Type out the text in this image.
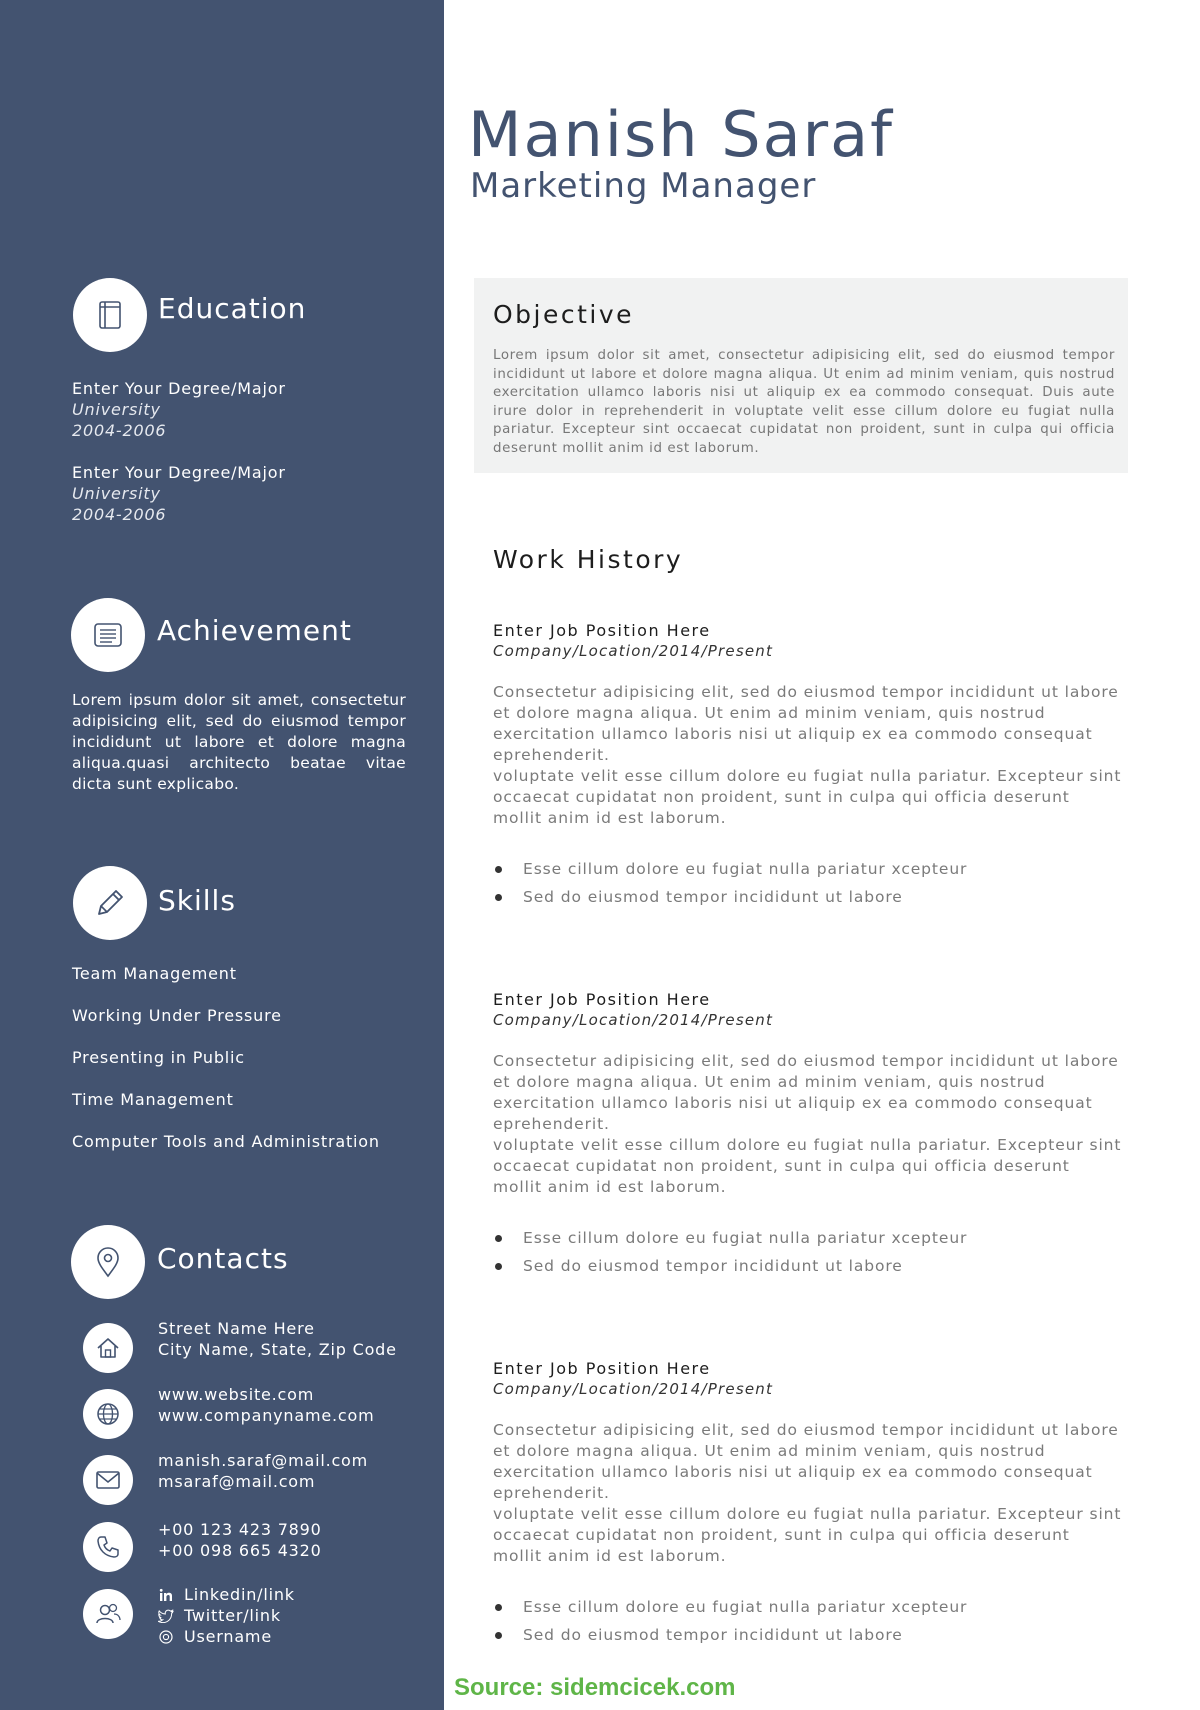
Education
Enter Your Degree/Major
University
2004-2006
Enter Your Degree/Major
University
2004-2006
Achievement
Lorem ipsum dolor sit amet, consectetur adipisicing elit, sed do eiusmod tempor incididunt ut labore et dolore magna aliqua.quasi architecto beatae vitae dicta sunt explicabo.
Skills
Team Management
Working Under Pressure
Presenting in Public
Time Management
Computer Tools and Administration
Contacts
Street Name Here
City Name, State, Zip Code
www.website.com
www.companyname.com
manish.saraf@mail.com
msaraf@mail.com
+00 123 423 7890
+00 098 665 4320
Linkedin/link
Twitter/link
Username
Manish Saraf
Marketing Manager
Objective
Lorem ipsum dolor sit amet, consectetur adipisicing elit, sed do eiusmod tempor incididunt ut labore et dolore magna aliqua. Ut enim ad minim veniam, quis nostrud exercitation ullamco laboris nisi ut aliquip ex ea commodo consequat. Duis aute irure dolor in reprehenderit in voluptate velit esse cillum dolore eu fugiat nulla pariatur. Excepteur sint occaecat cupidatat non proident, sunt in culpa qui officia deserunt mollit anim id est laborum.
Work History
Enter Job Position Here
Company/Location/2014/Present
Consectetur adipisicing elit, sed do eiusmod tempor incididunt ut labore et dolore magna aliqua. Ut enim ad minim veniam, quis nostrud exercitation ullamco laboris nisi ut aliquip ex ea commodo consequat eprehenderit.
voluptate velit esse cillum dolore eu fugiat nulla pariatur. Excepteur sint occaecat cupidatat non proident, sunt in culpa qui officia deserunt mollit anim id est laborum.
Esse cillum dolore eu fugiat nulla pariatur xcepteur
Sed do eiusmod tempor incididunt ut labore
Enter Job Position Here
Company/Location/2014/Present
Consectetur adipisicing elit, sed do eiusmod tempor incididunt ut labore et dolore magna aliqua. Ut enim ad minim veniam, quis nostrud exercitation ullamco laboris nisi ut aliquip ex ea commodo consequat eprehenderit.
voluptate velit esse cillum dolore eu fugiat nulla pariatur. Excepteur sint occaecat cupidatat non proident, sunt in culpa qui officia deserunt mollit anim id est laborum.
Esse cillum dolore eu fugiat nulla pariatur xcepteur
Sed do eiusmod tempor incididunt ut labore
Enter Job Position Here
Company/Location/2014/Present
Consectetur adipisicing elit, sed do eiusmod tempor incididunt ut labore et dolore magna aliqua. Ut enim ad minim veniam, quis nostrud exercitation ullamco laboris nisi ut aliquip ex ea commodo consequat eprehenderit.
voluptate velit esse cillum dolore eu fugiat nulla pariatur. Excepteur sint occaecat cupidatat non proident, sunt in culpa qui officia deserunt mollit anim id est laborum.
Esse cillum dolore eu fugiat nulla pariatur xcepteur
Sed do eiusmod tempor incididunt ut labore
Source: sidemcicek.com
